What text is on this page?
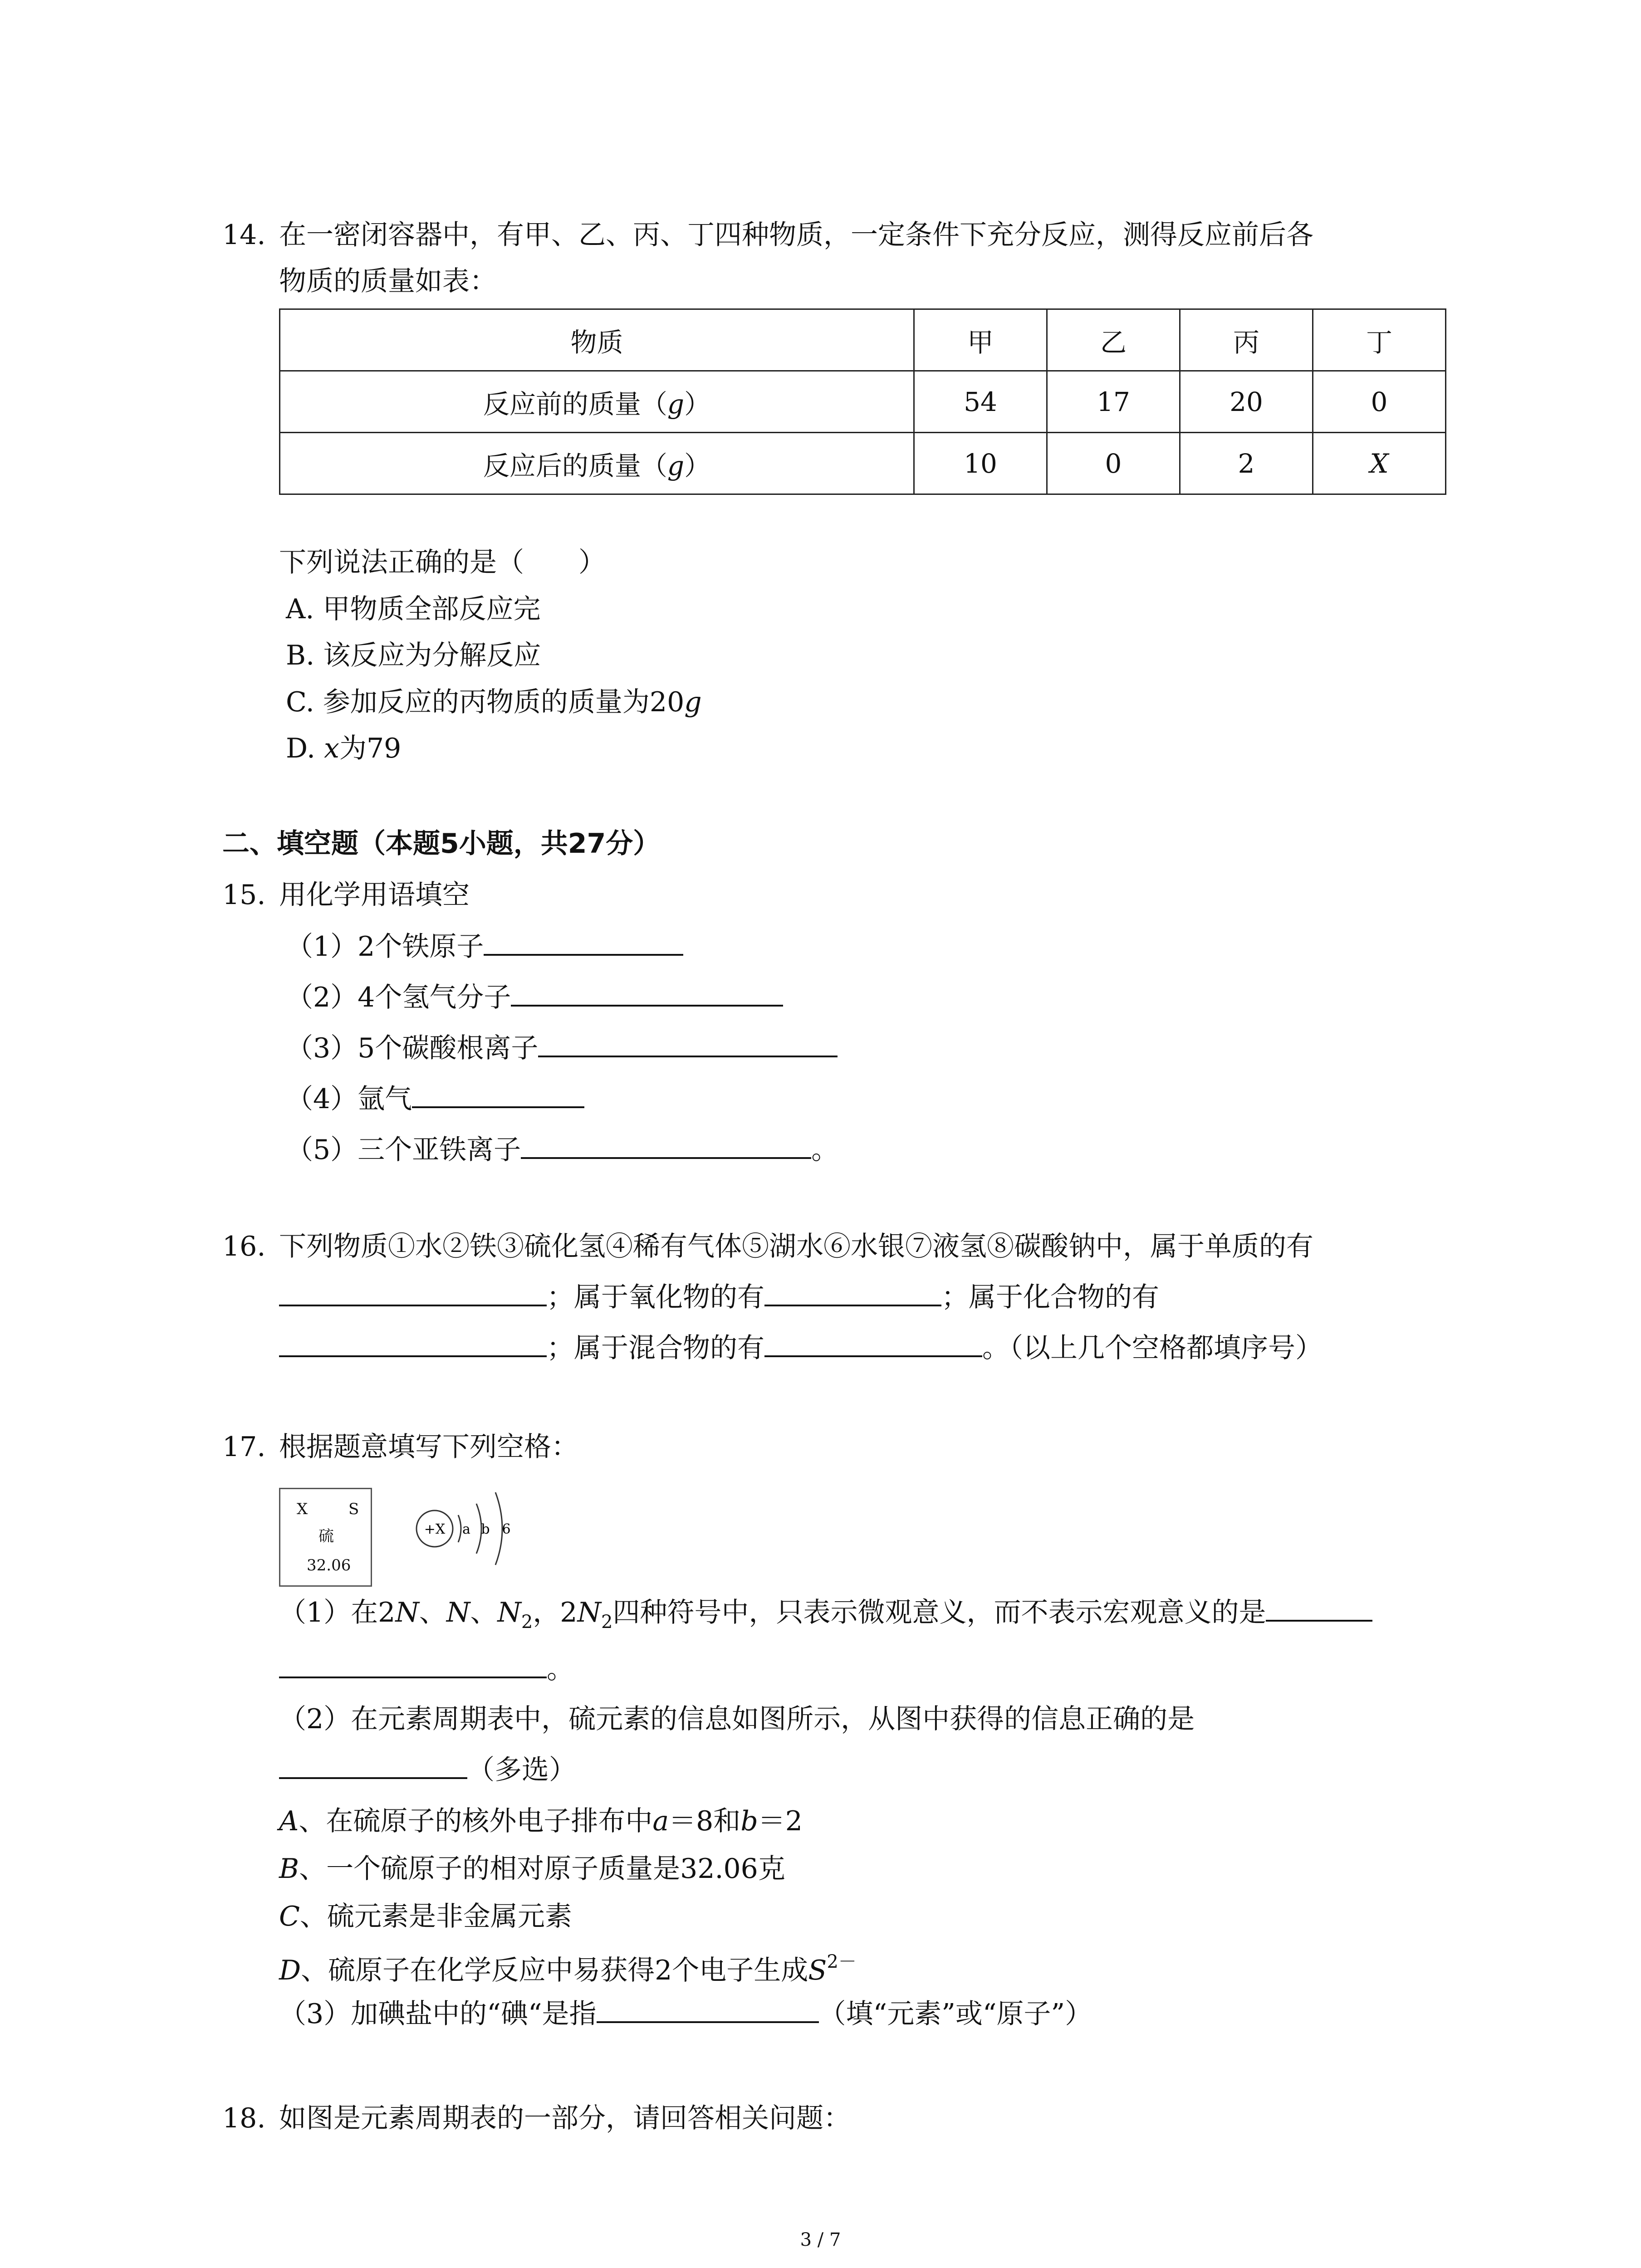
14. 在一密闭容器中，有甲、乙、丙、丁四种物质，一定条件下充分反应，测得反应前后各
物质的质量如表：
物质	甲	乙	丙	丁
反应前的质量（g）	54	17	20	0
反应后的质量（g）	10	0	2	X
下列说法正确的是（　　）
A. 甲物质全部反应完
B. 该反应为分解反应
C. 参加反应的丙物质的质量为20g
D. x为79
二、填空题（本题5小题，共27分）
15. 用化学用语填空
（1）2个铁原子
（2）4个氢气分子
（3）5个碳酸根离子
（4）氩气
（5）三个亚铁离子	。
16. 下列物质①水②铁③硫化氢④稀有气体⑤湖水⑥水银⑦液氢⑧碳酸钠中，属于单质的有
；属于氧化物的有	；属于化合物的有
；属于混合物的有	。（以上几个空格都填序号）
17. 根据题意填写下列空格：
X	S
硫
32.06
+X a b 6
（1）在2N、N、$N_2$，$2N_2$四种符号中，只表示微观意义，而不表示宏观意义的是
。
（2）在元素周期表中，硫元素的信息如图所示，从图中获得的信息正确的是
（多选）
A、在硫原子的核外电子排布中a＝8和b＝2
B、一个硫原子的相对原子质量是32.06克
C、硫元素是非金属元素
D、硫原子在化学反应中易获得2个电子生成$S^{2-}$
（3）加碘盐中的“碘“是指	（填“元素”或“原子”）
18. 如图是元素周期表的一部分，请回答相关问题：
3 / 7
